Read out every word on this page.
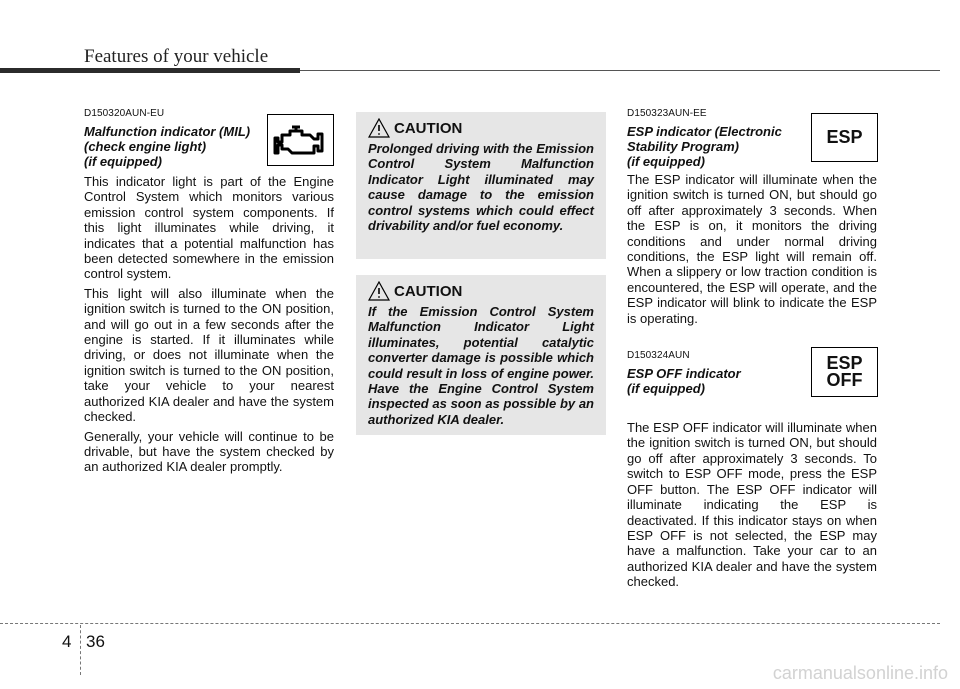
Features of your vehicle
D150320AUN-EU
Malfunction indicator (MIL)
(check engine light)
(if equipped)

This indicator light is part of the Engine Control System which monitors various emission control system components. If this light illuminates while driving, it indicates that a potential malfunction has been detected somewhere in the emission control system.

This light will also illuminate when the ignition switch is turned to the ON position, and will go out in a few seconds after the engine is started. If it illuminates while driving, or does not illuminate when the ignition switch is turned to the ON position, take your vehicle to your nearest authorized KIA dealer and have the system checked.

Generally, your vehicle will continue to be drivable, but have the system checked by an authorized KIA dealer promptly.

CAUTION
Prolonged driving with the Emission Control System Malfunction Indicator Light illuminated may cause damage to the emission control systems which could effect drivability and/or fuel economy.
CAUTION
If the Emission Control System Malfunction Indicator Light illuminates, potential catalytic converter damage is possible which could result in loss of engine power. Have the Engine Control System inspected as soon as possible by an authorized KIA dealer.
D150323AUN-EE
ESP indicator (Electronic
Stability Program)
(if equipped)

The ESP indicator will illuminate when the ignition switch is turned ON, but should go off after approximately 3 seconds. When the ESP is on, it monitors the driving conditions and under normal driving conditions, the ESP light will remain off. When a slippery or low traction condition is encountered, the ESP will operate, and the ESP indicator will blink to indicate the ESP is operating.

D150324AUN
ESP OFF indicator
(if equipped)

The ESP OFF indicator will illuminate when the ignition switch is turned ON, but should go off after approximately 3 seconds. To switch to ESP OFF mode, press the ESP OFF button. The ESP OFF indicator will illuminate indicating the ESP is deactivated. If this indicator stays on when ESP OFF is not selected, the ESP may have a malfunction. Take your car to an authorized KIA dealer and have the system checked.

ESP
ESP
OFF
4 36
carmanualsonline.info
